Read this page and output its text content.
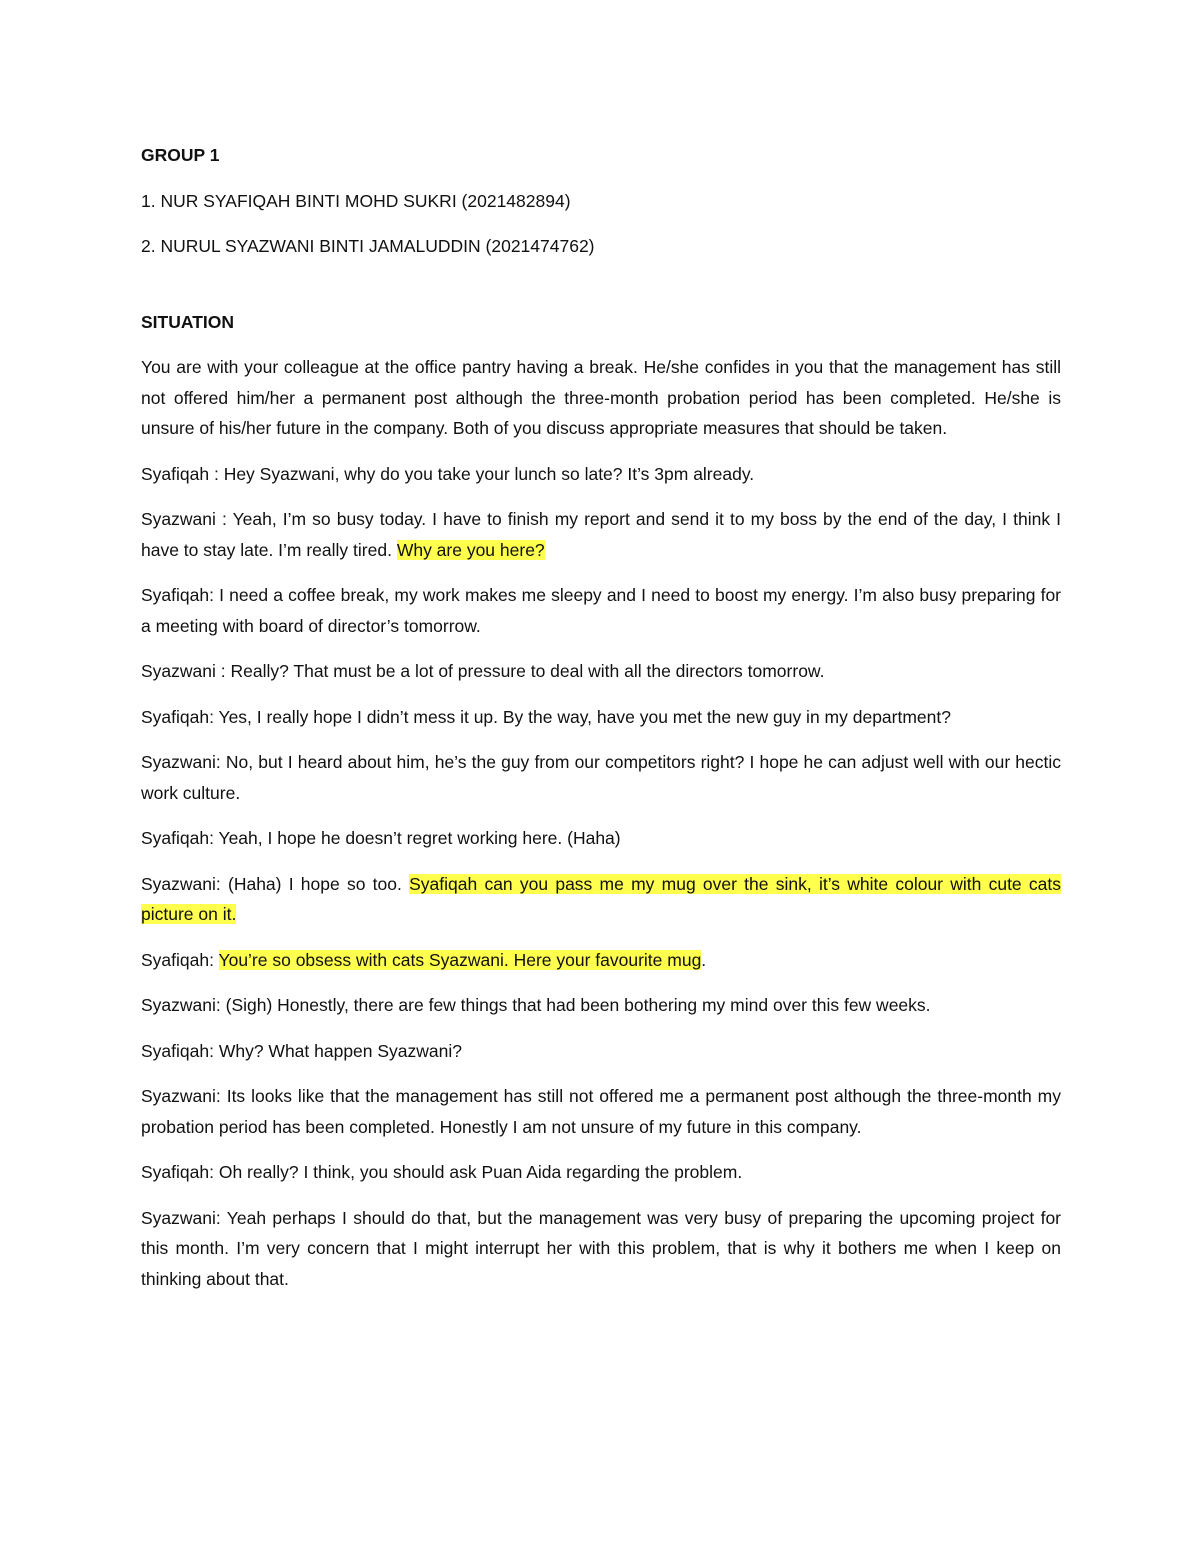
GROUP 1
1. NUR SYAFIQAH BINTI MOHD SUKRI (2021482894)
2. NURUL SYAZWANI BINTI JAMALUDDIN (2021474762)
SITUATION
You are with your colleague at the office pantry having a break. He/she confides in you that the management has still not offered him/her a permanent post although the three-month probation period has been completed. He/she is unsure of his/her future in the company. Both of you discuss appropriate measures that should be taken.
Syafiqah : Hey Syazwani, why do you take your lunch so late? It’s 3pm already.
Syazwani : Yeah, I’m so busy today. I have to finish my report and send it to my boss by the end of the day, I think I have to stay late. I’m really tired. Why are you here?
Syafiqah: I need a coffee break, my work makes me sleepy and I need to boost my energy. I’m also busy preparing for a meeting with board of director’s tomorrow.
Syazwani : Really? That must be a lot of pressure to deal with all the directors tomorrow.
Syafiqah: Yes, I really hope I didn’t mess it up. By the way, have you met the new guy in my department?
Syazwani: No, but I heard about him, he’s the guy from our competitors right? I hope he can adjust well with our hectic work culture.
Syafiqah: Yeah, I hope he doesn’t regret working here. (Haha)
Syazwani: (Haha) I hope so too. Syafiqah can you pass me my mug over the sink, it’s white colour with cute cats picture on it.
Syafiqah: You’re so obsess with cats Syazwani. Here your favourite mug.
Syazwani: (Sigh) Honestly, there are few things that had been bothering my mind over this few weeks.
Syafiqah: Why? What happen Syazwani?
Syazwani: Its looks like that the management has still not offered me a permanent post although the three-month my probation period has been completed. Honestly I am not unsure of my future in this company.
Syafiqah: Oh really? I think, you should ask Puan Aida regarding the problem.
Syazwani: Yeah perhaps I should do that, but the management was very busy of preparing the upcoming project for this month. I’m very concern that I might interrupt her with this problem, that is why it bothers me when I keep on thinking about that.
